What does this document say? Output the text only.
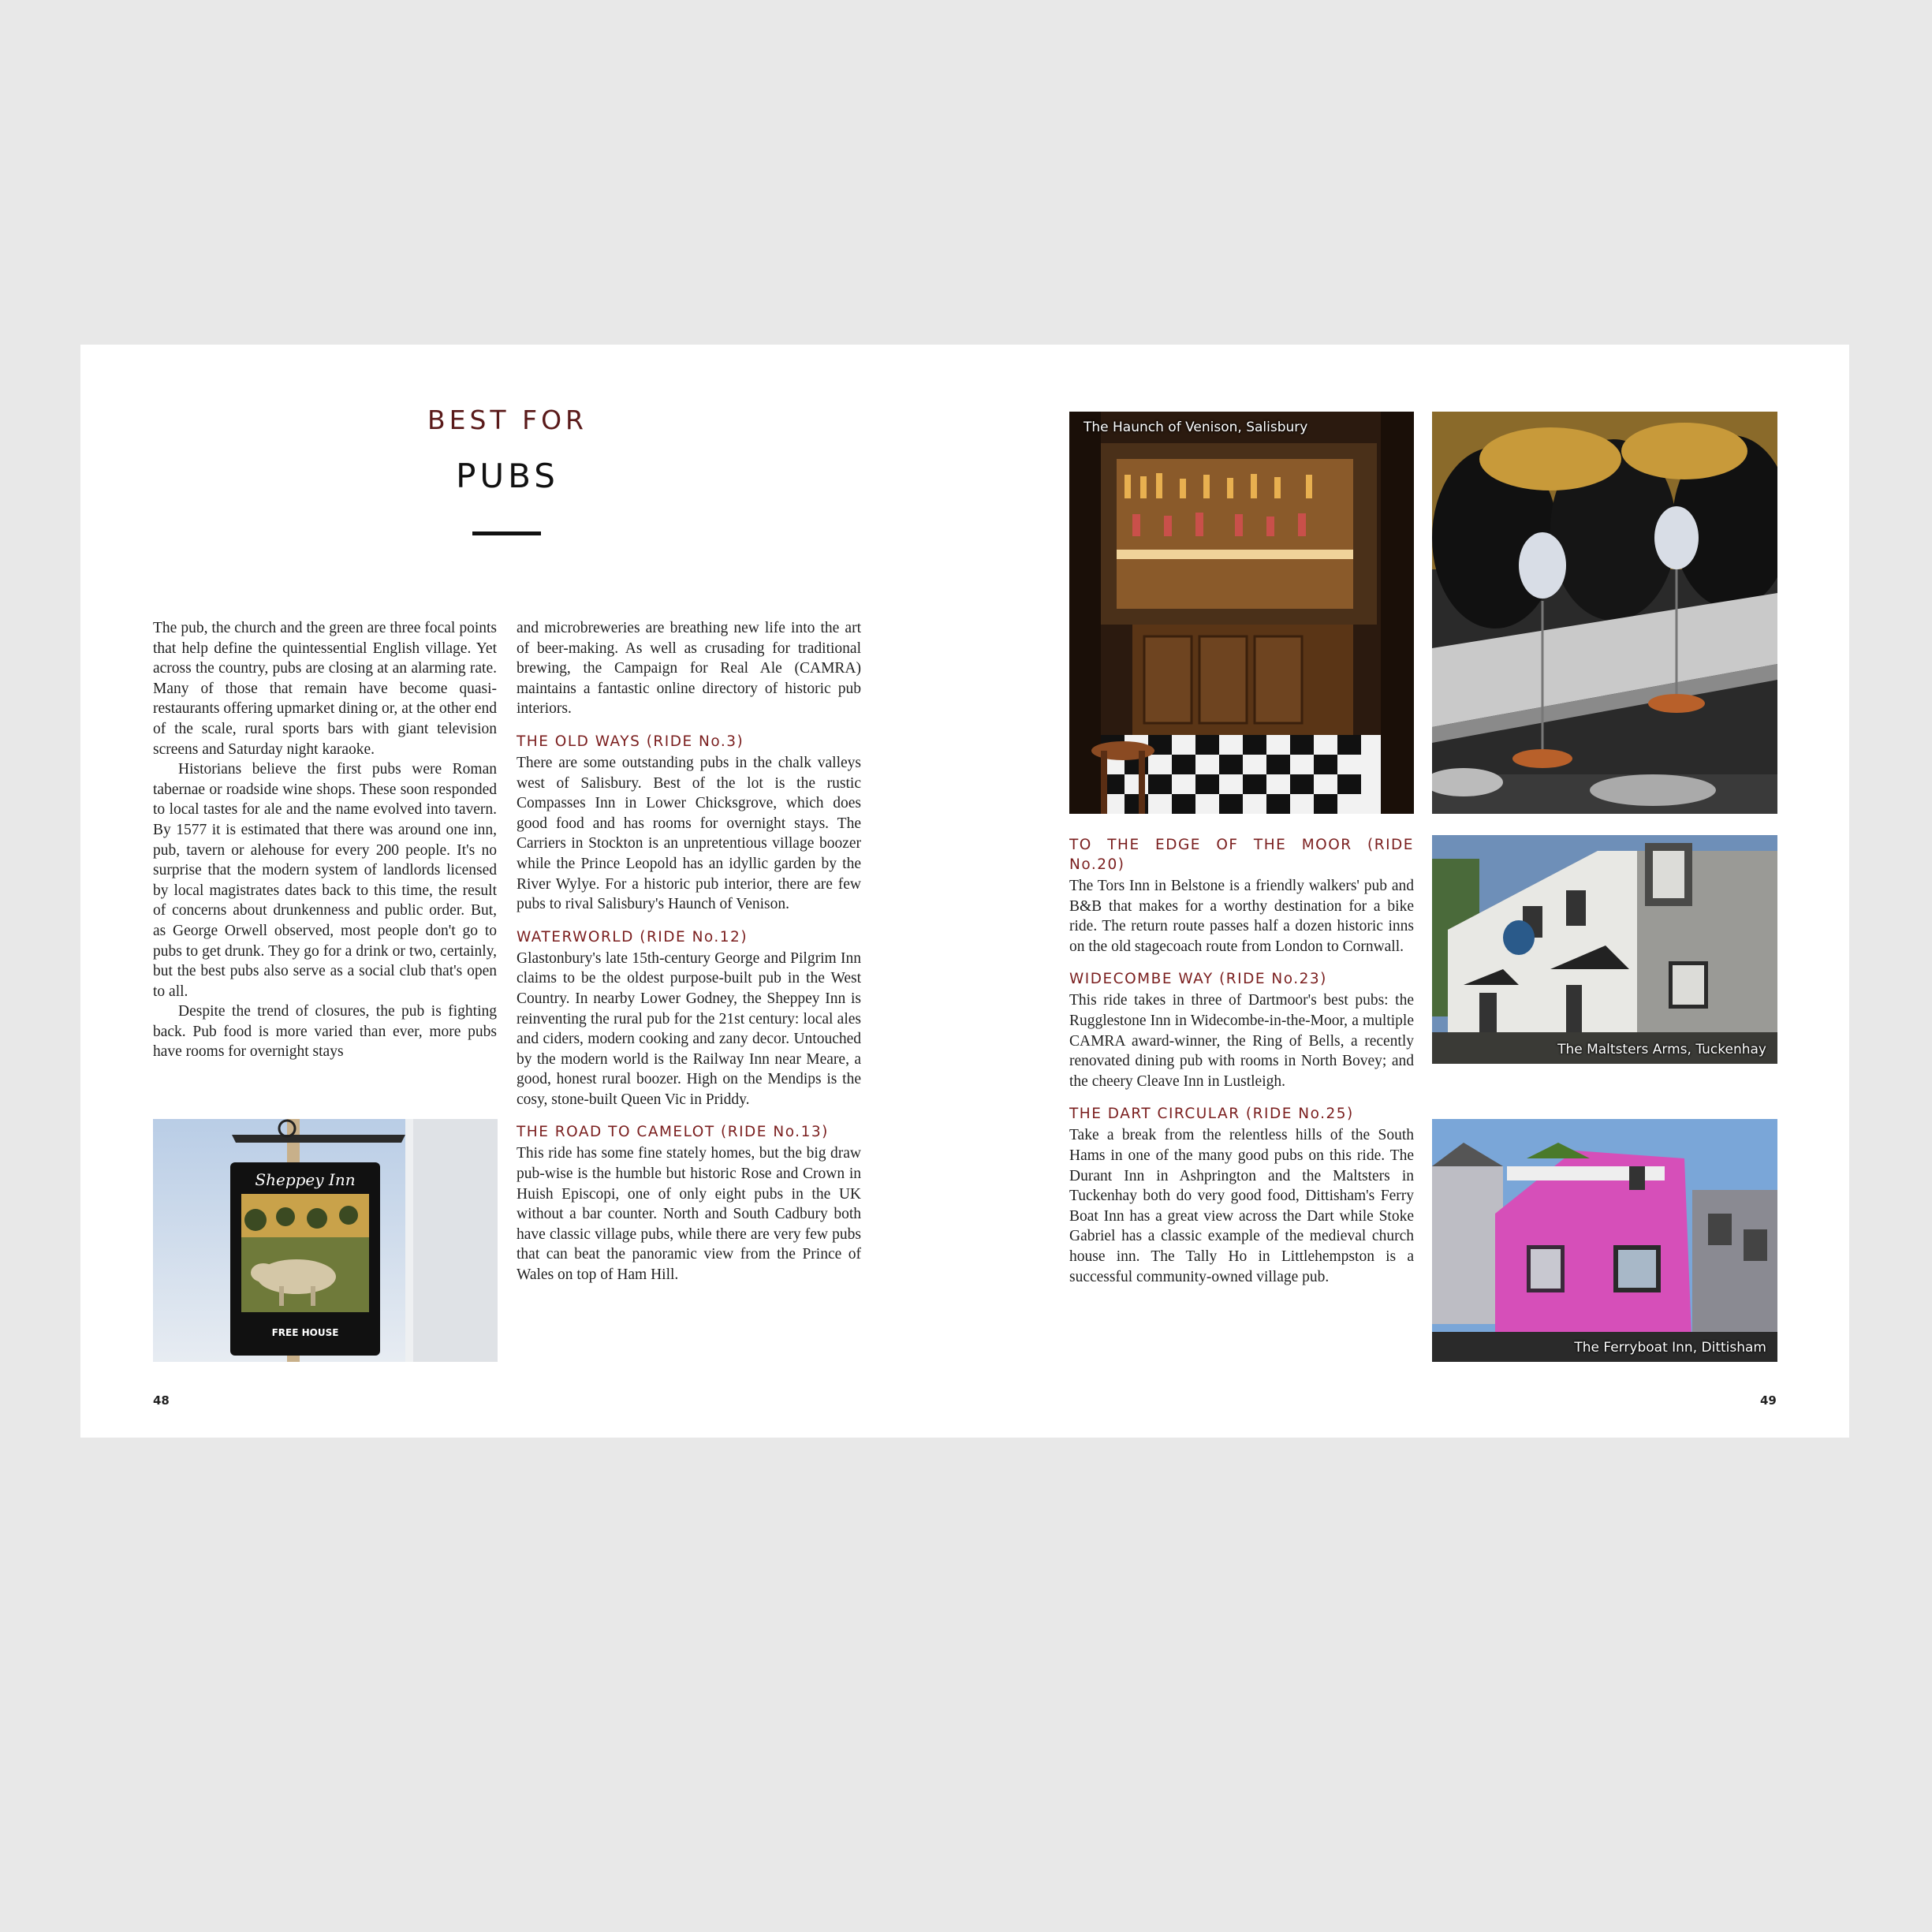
BEST FOR
PUBS

The pub, the church and the green are three focal points that help define the quintessential English village. Yet across the country, pubs are closing at an alarming rate. Many of those that remain have become quasi-restaurants offering upmarket dining or, at the other end of the scale, rural sports bars with giant television screens and Saturday night karaoke.

Historians believe the first pubs were Roman tabernae or roadside wine shops. These soon responded to local tastes for ale and the name evolved into tavern. By 1577 it is estimated that there was around one inn, pub, tavern or alehouse for every 200 people. It's no surprise that the modern system of landlords licensed by local magistrates dates back to this time, the result of concerns about drunkenness and public order. But, as George Orwell observed, most people don't go to pubs to get drunk. They go for a drink or two, certainly, but the best pubs also serve as a social club that's open to all.

Despite the trend of closures, the pub is fighting back. Pub food is more varied than ever, more pubs have rooms for overnight stays

and microbreweries are breathing new life into the art of beer-making. As well as crusading for traditional brewing, the Campaign for Real Ale (CAMRA) maintains a fantastic online directory of historic pub interiors.

THE OLD WAYS (RIDE No.3)

There are some outstanding pubs in the chalk valleys west of Salisbury. Best of the lot is the rustic Compasses Inn in Lower Chicksgrove, which does good food and has rooms for overnight stays. The Carriers in Stockton is an unpretentious village boozer while the Prince Leopold has an idyllic garden by the River Wylye. For a historic pub interior, there are few pubs to rival Salisbury's Haunch of Venison.

WATERWORLD (RIDE No.12)

Glastonbury's late 15th-century George and Pilgrim Inn claims to be the oldest purpose-built pub in the West Country. In nearby Lower Godney, the Sheppey Inn is reinventing the rural pub for the 21st century: local ales and ciders, modern cooking and zany decor. Untouched by the modern world is the Railway Inn near Meare, a good, honest rural boozer. High on the Mendips is the cosy, stone-built Queen Vic in Priddy.

THE ROAD TO CAMELOT (RIDE No.13)

This ride has some fine stately homes, but the big draw pub-wise is the humble but historic Rose and Crown in Huish Episcopi, one of only eight pubs in the UK without a bar counter. North and South Cadbury both have classic village pubs, while there are very few pubs that can beat the panoramic view from the Prince of Wales on top of Ham Hill.

Sheppey Inn
FREE HOUSE
48
The Haunch of Venison, Salisbury
TO THE EDGE OF THE MOOR (RIDE No.20)

The Tors Inn in Belstone is a friendly walkers' pub and B&B that makes for a worthy destination for a bike ride. The return route passes half a dozen historic inns on the old stagecoach route from London to Cornwall.

WIDECOMBE WAY (RIDE No.23)

This ride takes in three of Dartmoor's best pubs: the Rugglestone Inn in Widecombe-in-the-Moor, a multiple CAMRA award-winner, the Ring of Bells, a recently renovated dining pub with rooms in North Bovey; and the cheery Cleave Inn in Lustleigh.

THE DART CIRCULAR (RIDE No.25)

Take a break from the relentless hills of the South Hams in one of the many good pubs on this ride. The Durant Inn in Ashprington and the Maltsters in Tuckenhay both do very good food, Dittisham's Ferry Boat Inn has a great view across the Dart while Stoke Gabriel has a classic example of the medieval church house inn. The Tally Ho in Littlehempston is a successful community-owned village pub.

The Maltsters Arms, Tuckenhay
The Ferryboat Inn, Dittisham
49
